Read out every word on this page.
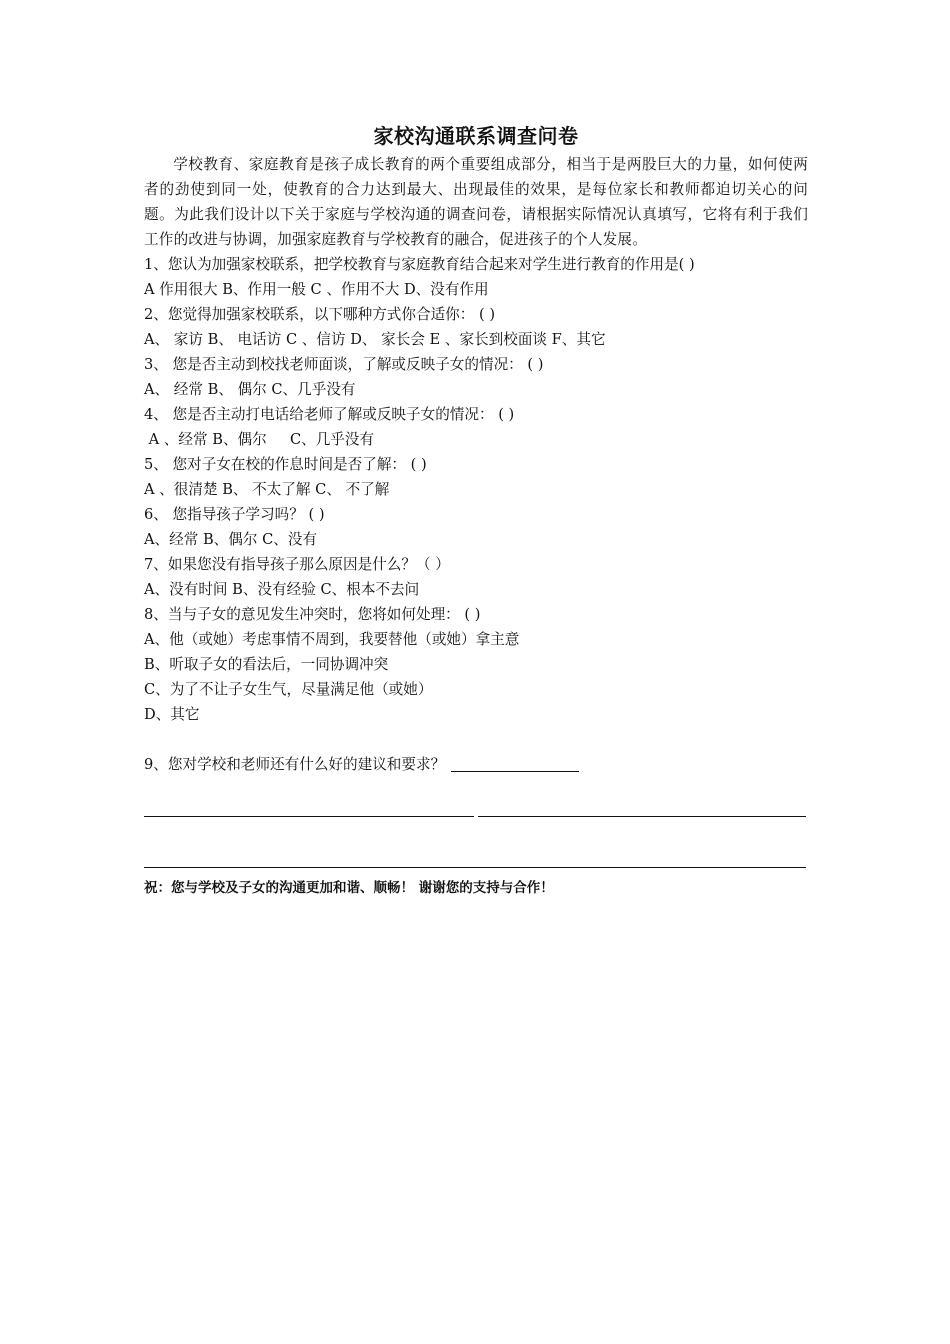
家校沟通联系调查问卷

学校教育、家庭教育是孩子成长教育的两个重要组成部分，相当于是两股巨大的力量，如何使两者的劲使到同一处，使教育的合力达到最大、出现最佳的效果，是每位家长和教师都迫切关心的问题。为此我们设计以下关于家庭与学校沟通的调查问卷，请根据实际情况认真填写，它将有利于我们工作的改进与协调，加强家庭教育与学校教育的融合，促进孩子的个人发展。

1、您认为加强家校联系，把学校教育与家庭教育结合起来对学生进行教育的作用是( )

A 作用很大 B、作用一般 C 、作用不大 D、没有作用

2、您觉得加强家校联系，以下哪种方式你合适你： ( )

A、 家访 B、 电话访 C 、信访 D、 家长会 E 、家长到校面谈 F、其它

3、 您是否主动到校找老师面谈，了解或反映子女的情况： ( )

A、 经常 B、 偶尔 C、几乎没有

4、 您是否主动打电话给老师了解或反映子女的情况： ( )

A 、经常 B、偶尔     C、几乎没有

5、 您对子女在校的作息时间是否了解： ( )

A 、很清楚 B、 不太了解 C、 不了解

6、 您指导孩子学习吗？ ( )

A、经常 B、偶尔 C、没有

7、如果您没有指导孩子那么原因是什么？（ ）

A、没有时间 B、没有经验 C、根本不去问

8、当与子女的意见发生冲突时，您将如何处理： ( )

A、他（或她）考虑事情不周到，我要替他（或她）拿主意

B、听取子女的看法后，一同协调冲突

C、为了不让子女生气，尽量满足他（或她）

D、其它

9、您对学校和老师还有什么好的建议和要求？

祝：您与学校及子女的沟通更加和谐、顺畅！ 谢谢您的支持与合作！
